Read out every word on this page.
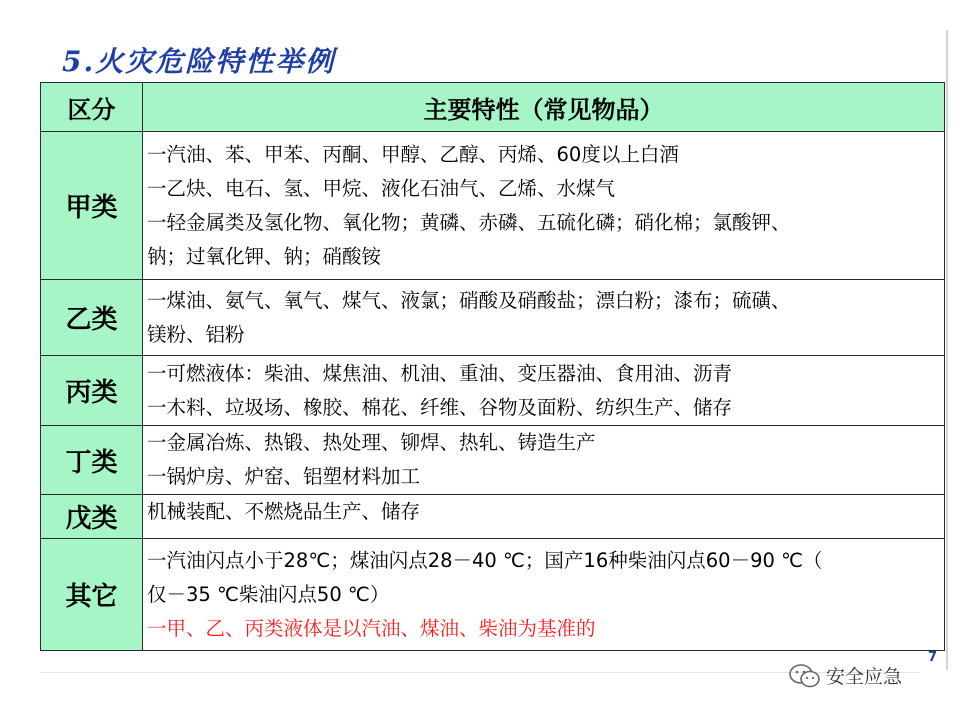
5.火灾危险特性举例
区分	主要特性（常见物品）
甲类	一汽油、苯、甲苯、丙酮、甲醇、乙醇、丙烯、60度以上白酒
一乙炔、电石、氢、甲烷、液化石油气、乙烯、水煤气
一轻金属类及氢化物、氧化物；黄磷、赤磷、五硫化磷；硝化棉；氯酸钾、
钠；过氧化钾、钠；硝酸铵

乙类	一煤油、氨气、氧气、煤气、液氯；硝酸及硝酸盐；漂白粉；漆布；硫磺、
镁粉、铝粉

丙类	一可燃液体：柴油、煤焦油、机油、重油、变压器油、食用油、沥青
一木料、垃圾场、橡胶、棉花、纤维、谷物及面粉、纺织生产、储存

丁类	一金属冶炼、热锻、热处理、铆焊、热轧、铸造生产
一锅炉房、炉窑、铝塑材料加工

戊类	机械装配、不燃烧品生产、储存

其它	一汽油闪点小于28℃；煤油闪点28－40 ℃；国产16种柴油闪点60－90 ℃（
仅－35 ℃柴油闪点50 ℃）
一甲、乙、丙类液体是以汽油、煤油、柴油为基准的
7
安全应急
